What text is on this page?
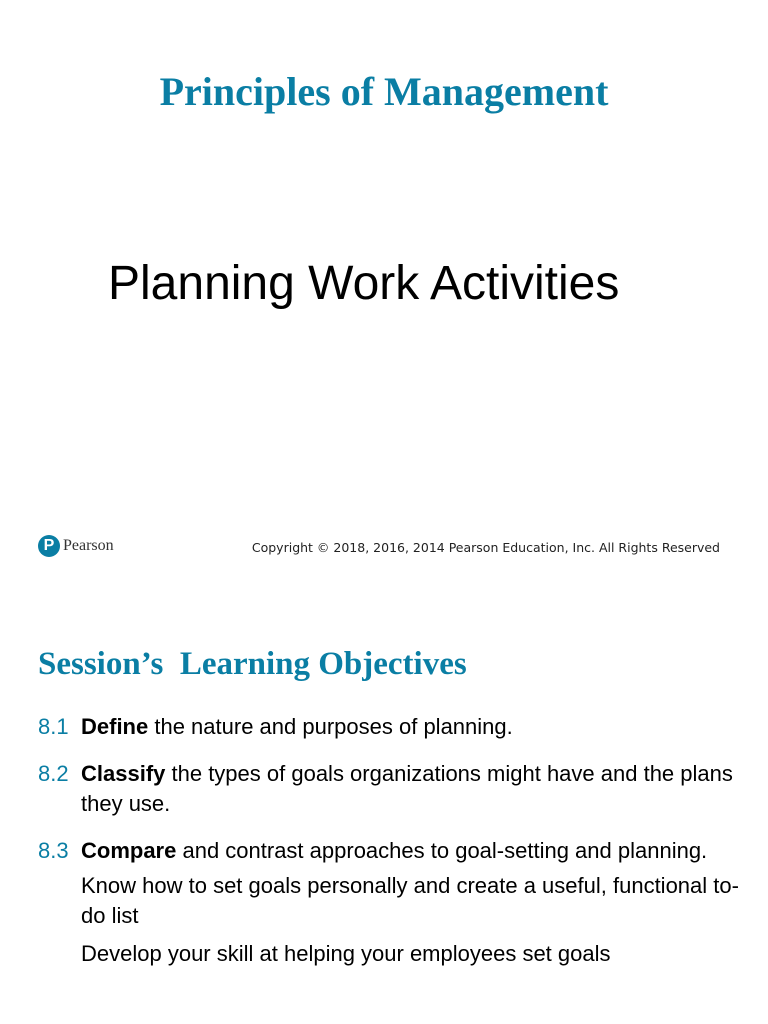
Principles of Management
Planning Work Activities
P Pearson	Copyright © 2018, 2016, 2014 Pearson Education, Inc. All Rights Reserved
Session’s  Learning Objectives
8.1 Define the nature and purposes of planning.
8.2 Classify the types of goals organizations might have and the plans they use.
8.3 Compare and contrast approaches to goal-setting and planning.
Know how to set goals personally and create a useful, functional to-do list
Develop your skill at helping your employees set goals
